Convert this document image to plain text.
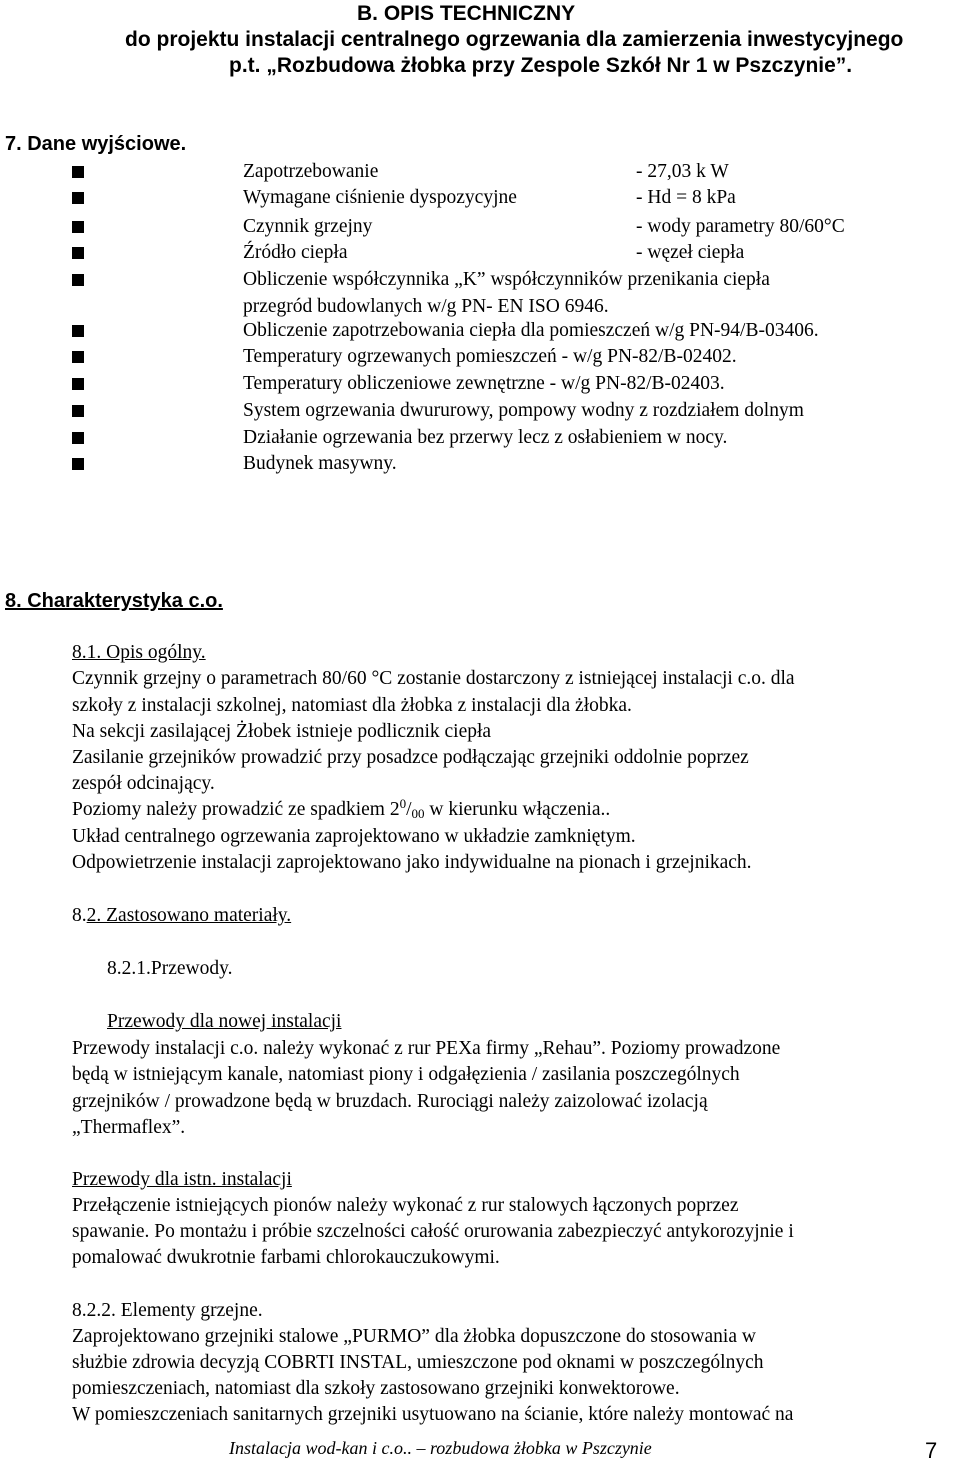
B. OPIS TECHNICZNY
do projektu instalacji centralnego ogrzewania dla zamierzenia inwestycyjnego
p.t. „Rozbudowa żłobka przy Zespole Szkół Nr 1 w Pszczynie”.
7. Dane wyjściowe.
Zapotrzebowanie	- 27,03 k W
Wymagane ciśnienie dyspozycyjne	- Hd = 8 kPa
Czynnik grzejny	- wody parametry 80/60°C
Źródło ciepła	- węzeł ciepła
Obliczenie współczynnika „K” współczynników przenikania ciepła
przegród budowlanych w/g PN- EN ISO 6946.
Obliczenie zapotrzebowania ciepła dla pomieszczeń w/g PN-94/B-03406.
Temperatury ogrzewanych pomieszczeń - w/g PN-82/B-02402.
Temperatury obliczeniowe zewnętrzne - w/g PN-82/B-02403.
System ogrzewania dwururowy, pompowy wodny z rozdziałem dolnym
Działanie ogrzewania bez przerwy lecz z osłabieniem w nocy.
Budynek masywny.
8. Charakterystyka c.o.
8.1. Opis ogólny.
Czynnik grzejny o parametrach 80/60 °C zostanie dostarczony z istniejącej instalacji c.o. dla
szkoły z instalacji szkolnej, natomiast dla żłobka z instalacji dla żłobka.
Na sekcji zasilającej Żłobek istnieje podlicznik ciepła
Zasilanie grzejników prowadzić przy posadzce podłączając grzejniki oddolnie poprzez
zespół odcinający.
Poziomy należy prowadzić ze spadkiem $2^0/_{00}$ w kierunku włączenia..
Układ centralnego ogrzewania zaprojektowano w układzie zamkniętym.
Odpowietrzenie instalacji zaprojektowano jako indywidualne na pionach i grzejnikach.
8.2. Zastosowano materiały.
8.2.1.Przewody.
Przewody dla nowej instalacji
Przewody instalacji c.o. należy wykonać z rur PEXa firmy „Rehau”. Poziomy prowadzone
będą w istniejącym kanale, natomiast piony i odgałęzienia / zasilania poszczególnych
grzejników / prowadzone będą w bruzdach. Rurociągi należy zaizolować izolacją
„Thermaflex”.
Przewody dla istn. instalacji
Przełączenie istniejących pionów należy wykonać z rur stalowych łączonych poprzez
spawanie. Po montażu i próbie szczelności całość orurowania zabezpieczyć antykorozyjnie i
pomalować dwukrotnie farbami chlorokauczukowymi.
8.2.2. Elementy grzejne.
Zaprojektowano grzejniki stalowe „PURMO” dla żłobka dopuszczone do stosowania w
służbie zdrowia decyzją COBRTI INSTAL, umieszczone pod oknami w poszczególnych
pomieszczeniach, natomiast dla szkoły zastosowano grzejniki konwektorowe.
W pomieszczeniach sanitarnych grzejniki usytuowano na ścianie, które należy montować na
Instalacja wod-kan i c.o.. – rozbudowa żłobka w Pszczynie	7
